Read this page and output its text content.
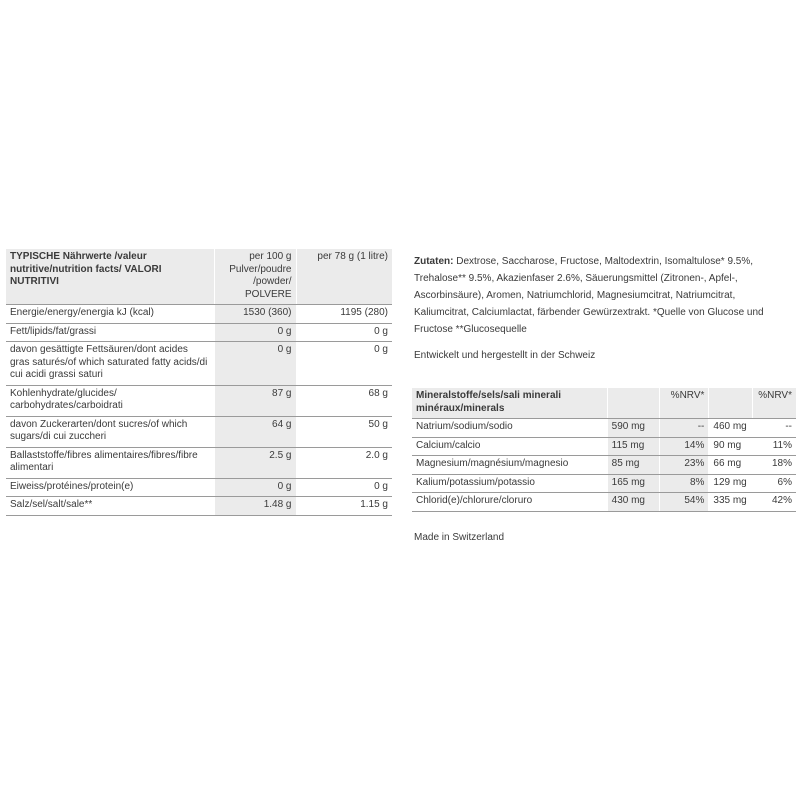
TYPISCHE Nährwerte /valeur nutritive/nutrition facts/ VALORI NUTRITIVI	per 100 g Pulver/poudre /powder/ POLVERE	per 78 g (1 litre)
Energie/energy/energia kJ (kcal)	1530 (360)	1195 (280)
Fett/lipids/fat/grassi	0 g	0 g
davon gesättigte Fettsäuren/dont acides gras saturés/of which saturated fatty acids/di cui acidi grassi saturi	0 g	0 g
Kohlenhydrate/glucides/ carbohydrates/carboidrati	87 g	68 g
davon Zuckerarten/dont sucres/of which sugars/di cui zuccheri	64 g	50 g
Ballaststoffe/fibres alimentaires/fibres/fibre alimentari	2.5 g	2.0 g
Eiweiss/protéines/protein(e)	0 g	0 g
Salz/sel/salt/sale**	1.48 g	1.15 g
Zutaten: Dextrose, Saccharose, Fructose, Maltodextrin, Isomaltulose* 9.5%, Trehalose** 9.5%, Akazienfaser 2.6%, Säuerungsmittel (Zitronen-, Apfel-, Ascorbinsäure), Aromen, Natriumchlorid, Magnesiumcitrat, Natriumcitrat, Kaliumcitrat, Calciumlactat, färbender Gewürzextrakt. *Quelle von Glucose und Fructose **Glucosequelle
Entwickelt und hergestellt in der Schweiz
Mineralstoffe/sels/sali minerali minéraux/minerals		%NRV*		%NRV*
Natrium/sodium/sodio	590 mg	--	460 mg	--
Calcium/calcio	115 mg	14%	90 mg	11%
Magnesium/magnésium/magnesio	85 mg	23%	66 mg	18%
Kalium/potassium/potassio	165 mg	8%	129 mg	6%
Chlorid(e)/chlorure/cloruro	430 mg	54%	335 mg	42%
Made in Switzerland
